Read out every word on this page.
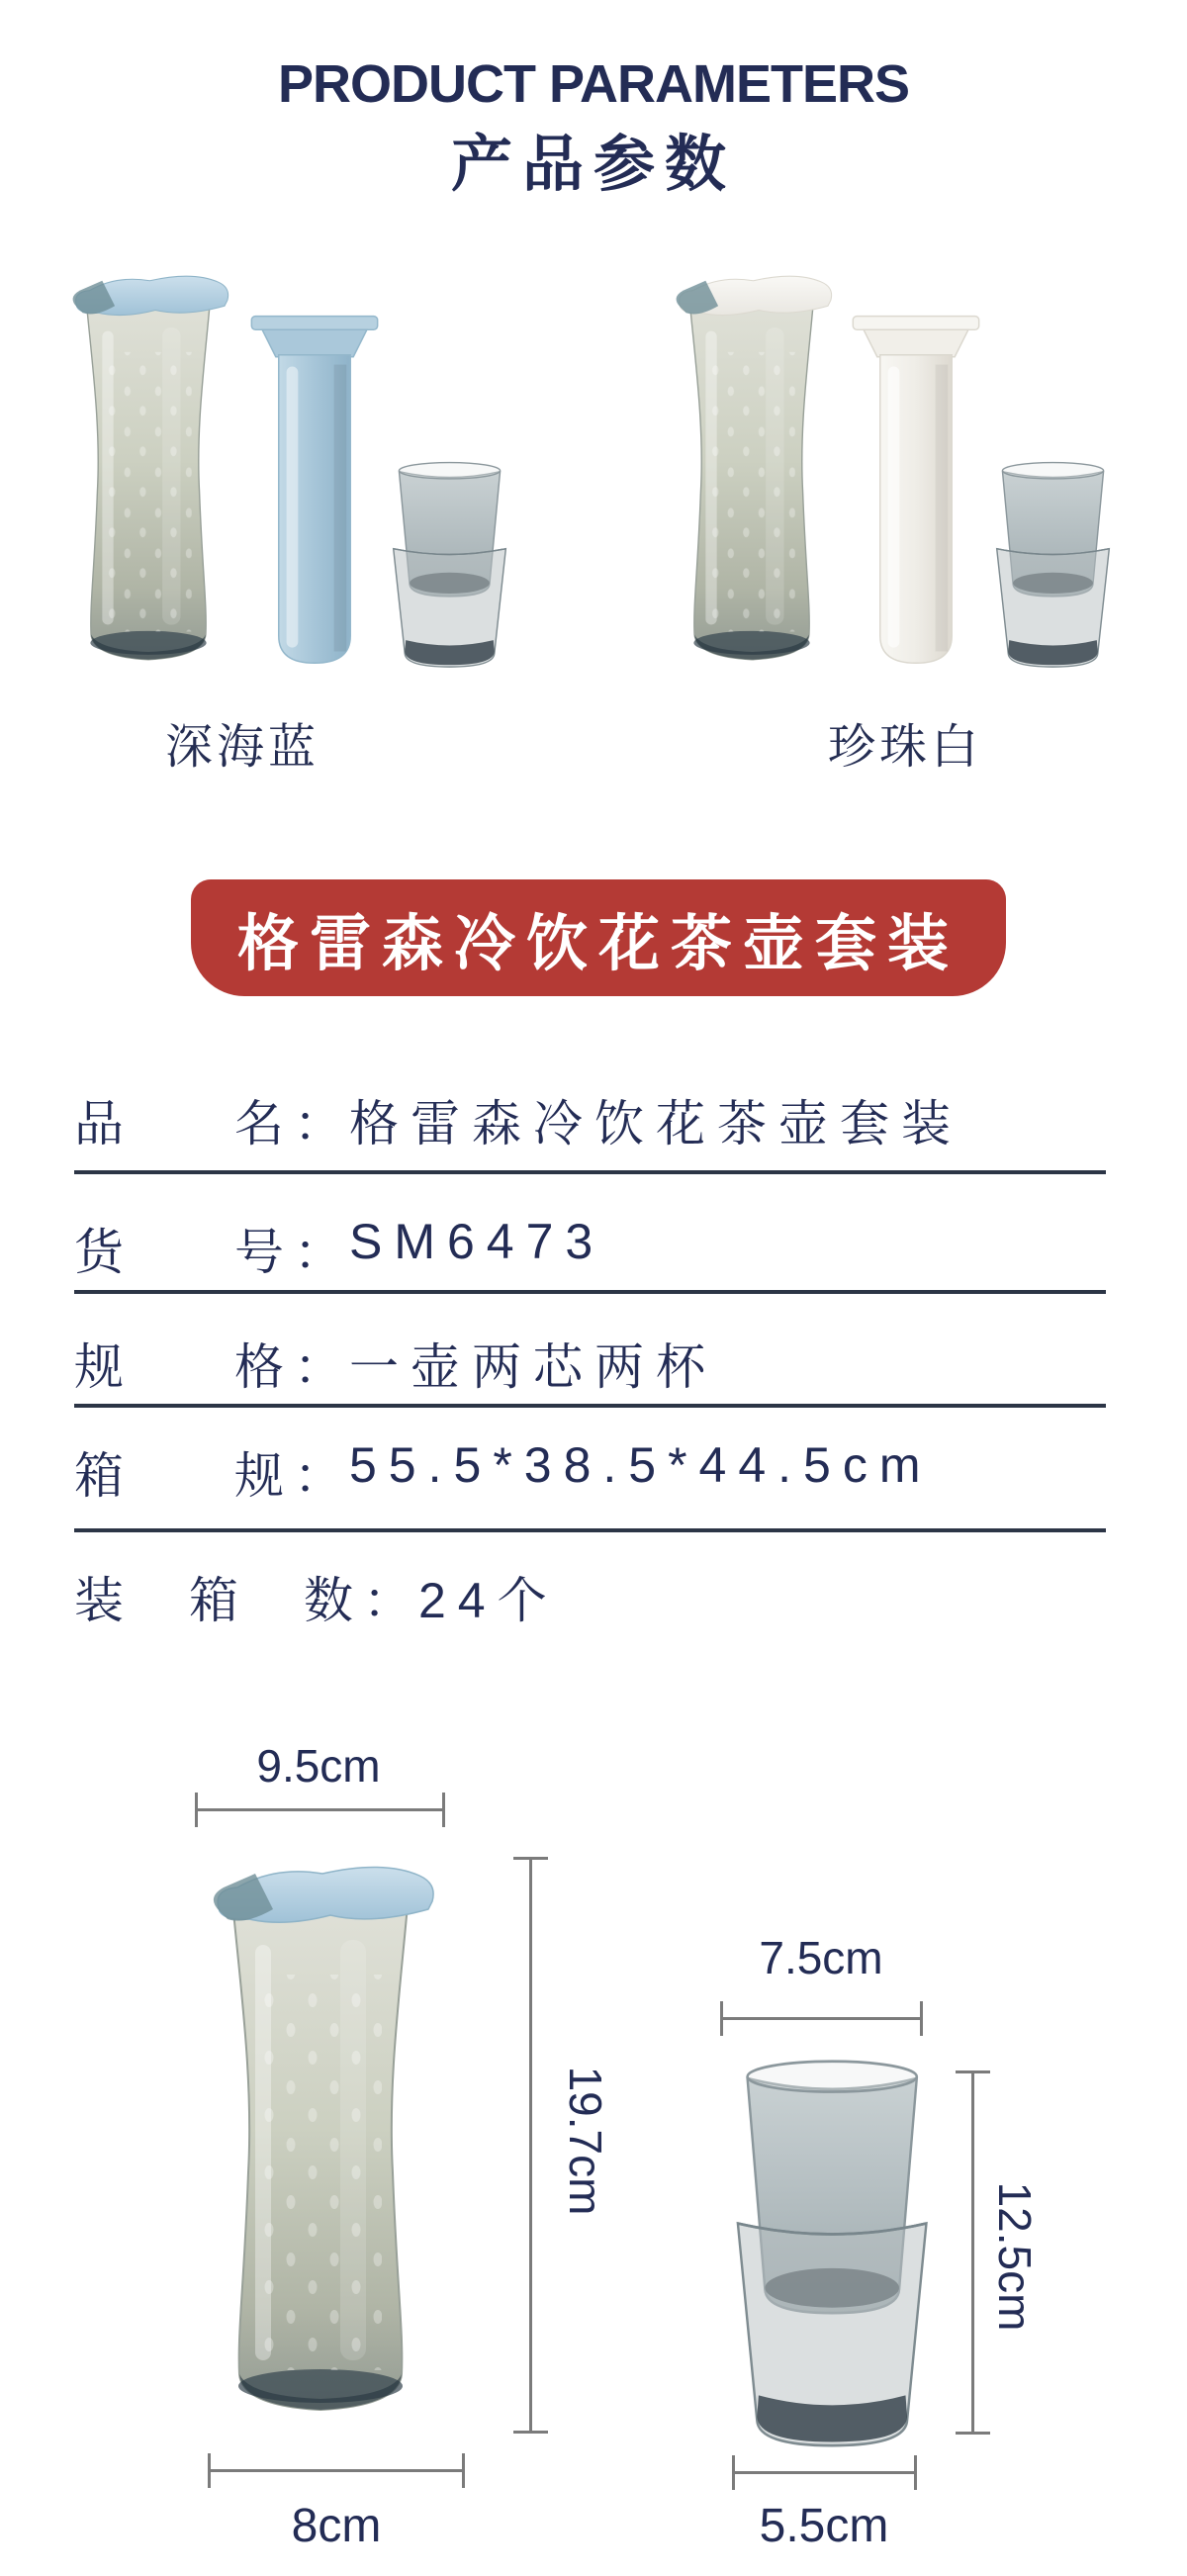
PRODUCT PARAMETERS
产品参数
深海蓝	珍珠白
格雷森冷饮花茶壶套装
品 名 ： 格雷森冷饮花茶壶套装
货 号 ： SM6473
规 格 ： 一壶两芯两杯
箱 规 ： 55.5*38.5*44.5cm
装 箱 数 ： 24个
9.5cm
19.7cm
8cm
7.5cm
12.5cm
5.5cm
